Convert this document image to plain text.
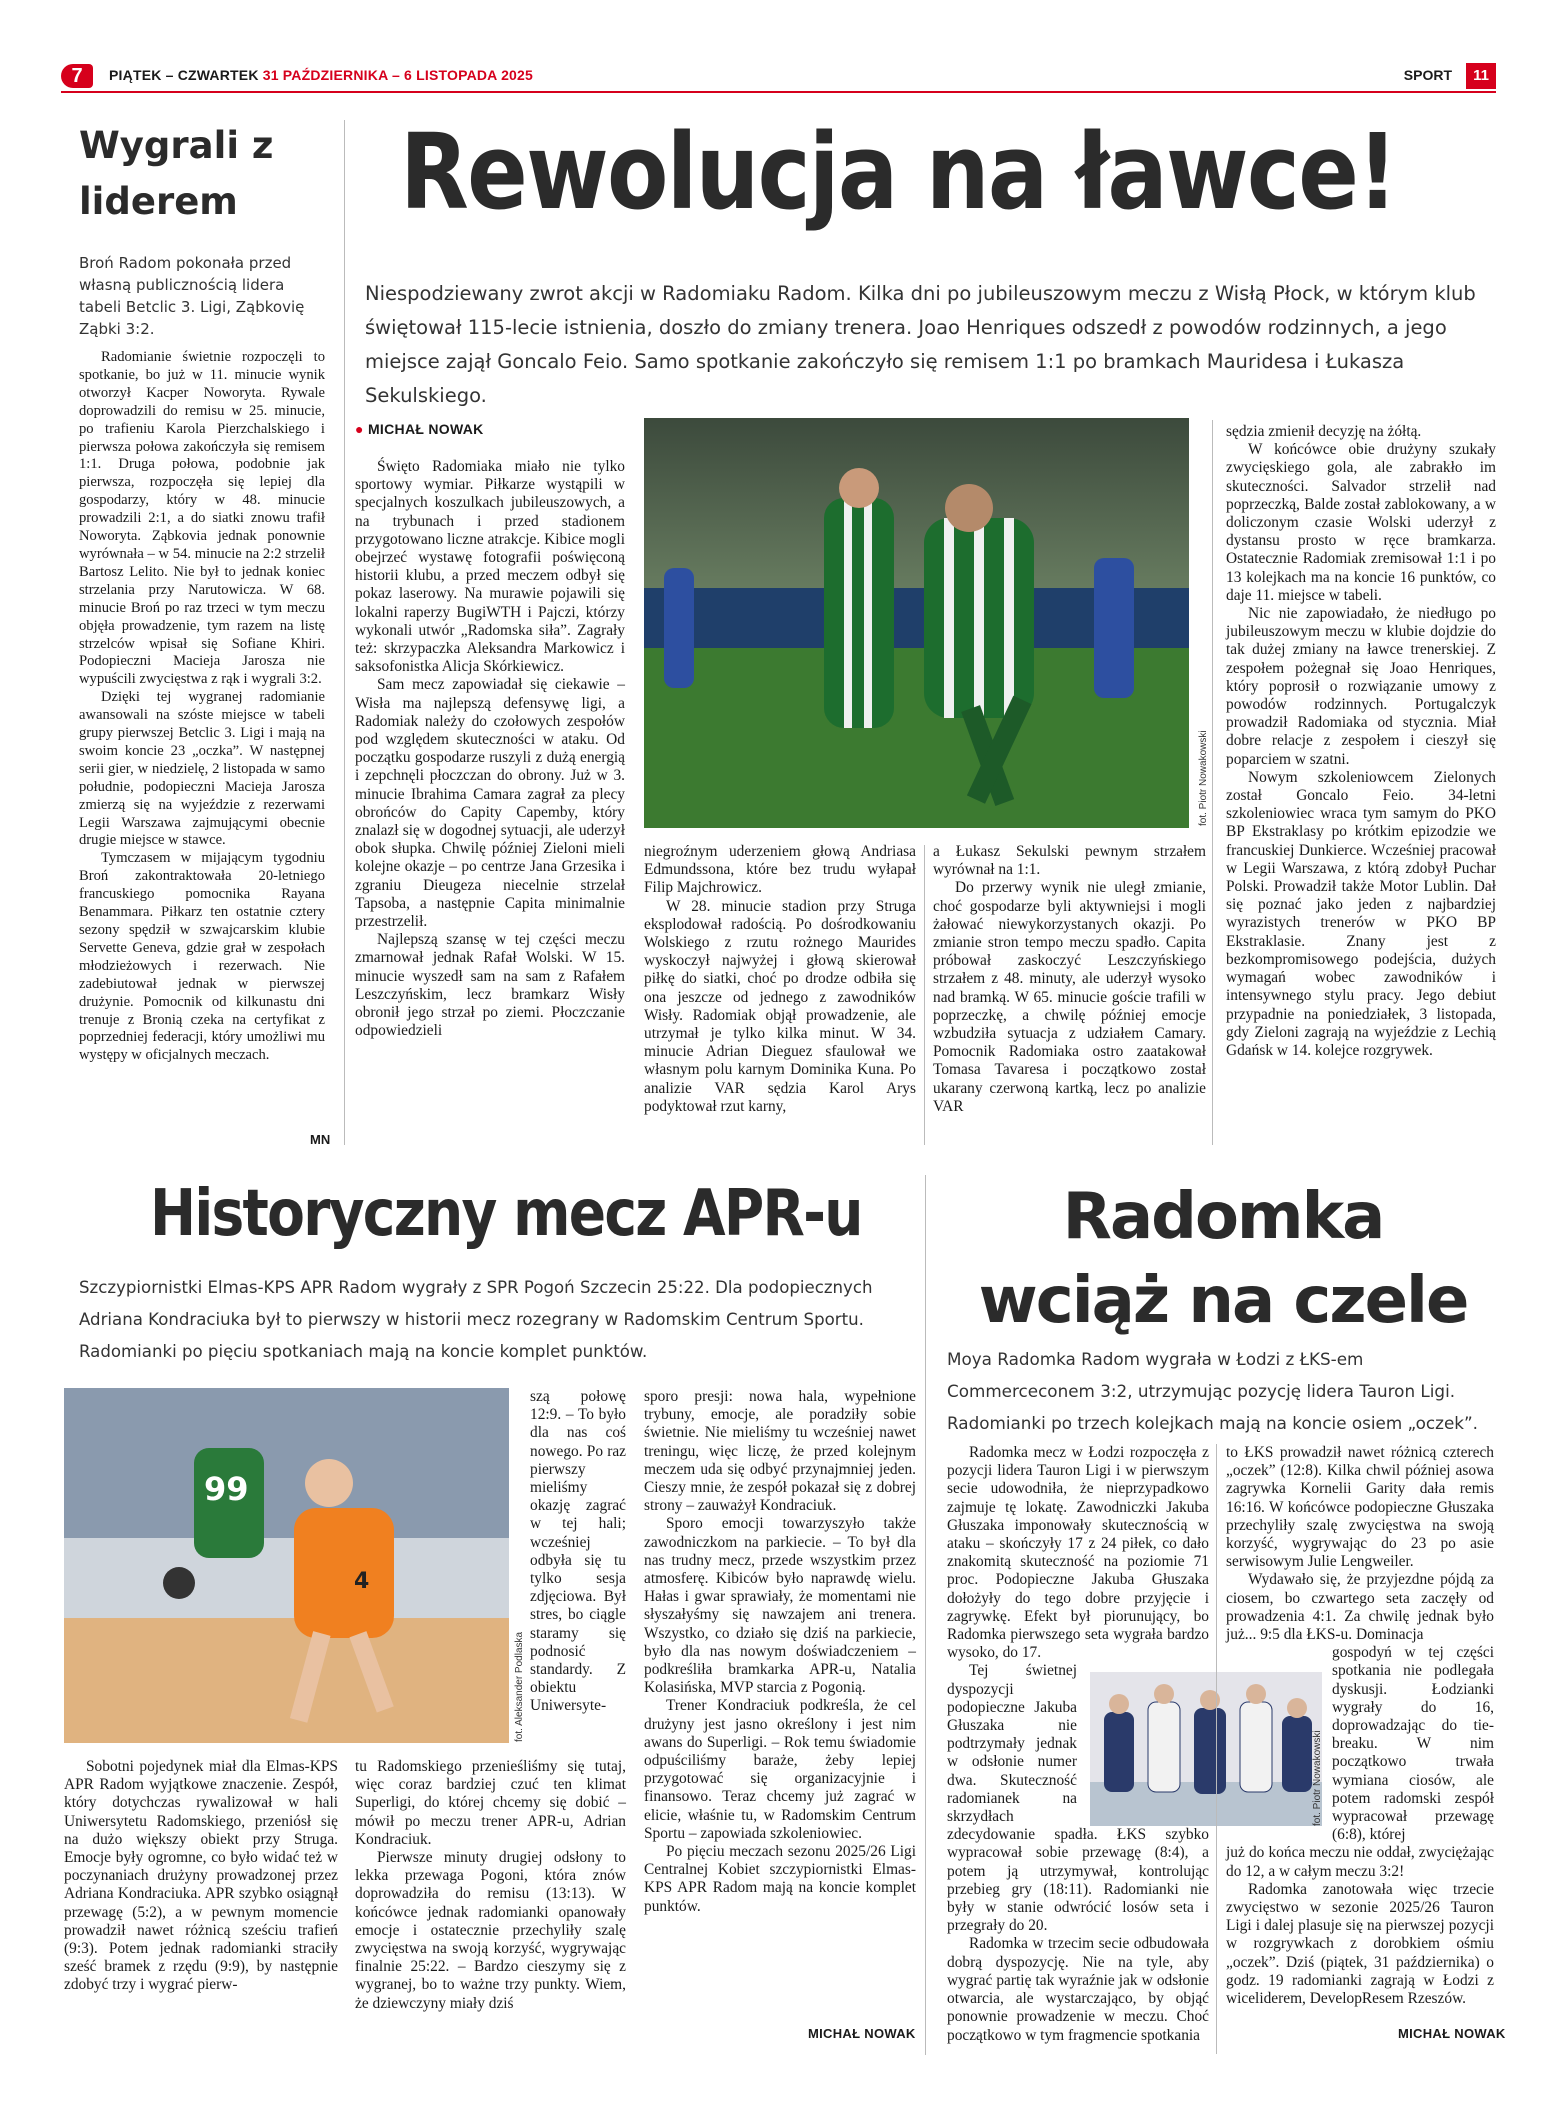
7	PIĄTEK – CZWARTEK 31 PAŹDZIERNIKA – 6 LISTOPADA 2025	SPORT	11
Wygrali z liderem
Broń Radom pokonała przed własną publicznością lidera tabeli Betclic 3. Ligi, Ząbkovię Ząbki 3:2.

Radomianie świetnie rozpoczęli to spotkanie, bo już w 11. minucie wynik otworzył Kacper Noworyta. Rywale doprowadzili do remisu w 25. minucie, po trafieniu Karola Pierzchalskiego i pierwsza połowa zakończyła się remisem 1:1. Druga połowa, podobnie jak pierwsza, rozpoczęła się lepiej dla gospodarzy, który w 48. minucie prowadzili 2:1, a do siatki znowu trafił Noworyta. Ząbkovia jednak ponownie wyrównała – w 54. minucie na 2:2 strzelił Bartosz Lelito. Nie był to jednak koniec strzelania przy Narutowicza. W 68. minucie Broń po raz trzeci w tym meczu objęła prowadzenie, tym razem na listę strzelców wpisał się Sofiane Khiri. Podopieczni Macieja Jarosza nie wypuścili zwycięstwa z rąk i wygrali 3:2.

Dzięki tej wygranej radomianie awansowali na szóste miejsce w tabeli grupy pierwszej Betclic 3. Ligi i mają na swoim koncie 23 „oczka”. W następnej serii gier, w niedzielę, 2 listopada w samo południe, podopieczni Macieja Jarosza zmierzą się na wyjeździe z rezerwami Legii Warszawa zajmującymi obecnie drugie miejsce w stawce.

Tymczasem w mijającym tygodniu Broń zakontraktowała 20-letniego francuskiego pomocnika Rayana Benammara. Piłkarz ten ostatnie cztery sezony spędził w szwajcarskim klubie Servette Geneva, gdzie grał w zespołach młodzieżowych i rezerwach. Nie zadebiutował jednak w pierwszej drużynie. Pomocnik od kilkunastu dni trenuje z Bronią czeka na certyfikat z poprzedniej federacji, który umożliwi mu występy w oficjalnych meczach.

MN
Rewolucja na ławce!
Niespodziewany zwrot akcji w Radomiaku Radom. Kilka dni po jubileuszowym meczu z Wisłą Płock, w którym klub świętował 115-lecie istnienia, doszło do zmiany trenera. Joao Henriques odszedł z powodów rodzinnych, a jego miejsce zajął Goncalo Feio. Samo spotkanie zakończyło się remisem 1:1 po bramkach Mauridesa i Łukasza Sekulskiego.
● MICHAŁ NOWAK

Święto Radomiaka miało nie tylko sportowy wymiar. Piłkarze wystąpili w specjalnych koszulkach jubileuszowych, a na trybunach i przed stadionem przygotowano liczne atrakcje. Kibice mogli obejrzeć wystawę fotografii poświęconą historii klubu, a przed meczem odbył się pokaz laserowy. Na murawie pojawili się lokalni raperzy BugiWTH i Pajczi, którzy wykonali utwór „Radomska siła”. Zagrały też: skrzypaczka Aleksandra Markowicz i saksofonistka Alicja Skórkiewicz.

Sam mecz zapowiadał się ciekawie – Wisła ma najlepszą defensywę ligi, a Radomiak należy do czołowych zespołów pod względem skuteczności w ataku. Od początku gospodarze ruszyli z dużą energią i zepchnęli płoczczan do obrony. Już w 3. minucie Ibrahima Camara zagrał za plecy obrońców do Capity Capemby, który znalazł się w dogodnej sytuacji, ale uderzył obok słupka. Chwilę później Zieloni mieli kolejne okazje – po centrze Jana Grzesika i zgraniu Dieugeza niecelnie strzelał Tapsoba, a następnie Capita minimalnie przestrzelił.

Najlepszą szansę w tej części meczu zmarnował jednak Rafał Wolski. W 15. minucie wyszedł sam na sam z Rafałem Leszczyńskim, lecz bramkarz Wisły obronił jego strzał po ziemi. Płoczczanie odpowiedzieli

fot. Piotr Nowakowski

niegroźnym uderzeniem głową Andriasa Edmundssona, które bez trudu wyłapał Filip Majchrowicz.

W 28. minucie stadion przy Struga eksplodował radością. Po dośrodkowaniu Wolskiego z rzutu rożnego Maurides wyskoczył najwyżej i głową skierował piłkę do siatki, choć po drodze odbiła się ona jeszcze od jednego z zawodników Wisły. Radomiak objął prowadzenie, ale utrzymał je tylko kilka minut. W 34. minucie Adrian Dieguez sfaulował we własnym polu karnym Dominika Kuna. Po analizie VAR sędzia Karol Arys podyktował rzut karny,

a Łukasz Sekulski pewnym strzałem wyrównał na 1:1.

Do przerwy wynik nie uległ zmianie, choć gospodarze byli aktywniejsi i mogli żałować niewykorzystanych okazji. Po zmianie stron tempo meczu spadło. Capita próbował zaskoczyć Leszczyńskiego strzałem z 48. minuty, ale uderzył wysoko nad bramką. W 65. minucie goście trafili w poprzeczkę, a chwilę później emocje wzbudziła sytuacja z udziałem Camary. Pomocnik Radomiaka ostro zaatakował Tomasa Tavaresa i początkowo został ukarany czerwoną kartką, lecz po analizie VAR

sędzia zmienił decyzję na żółtą.

W końcówce obie drużyny szukały zwycięskiego gola, ale zabrakło im skuteczności. Salvador strzelił nad poprzeczką, Balde został zablokowany, a w doliczonym czasie Wolski uderzył z dystansu prosto w ręce bramkarza. Ostatecznie Radomiak zremisował 1:1 i po 13 kolejkach ma na koncie 16 punktów, co daje 11. miejsce w tabeli.

Nic nie zapowiadało, że niedługo po jubileuszowym meczu w klubie dojdzie do tak dużej zmiany na ławce trenerskiej. Z zespołem pożegnał się Joao Henriques, który poprosił o rozwiązanie umowy z powodów rodzinnych. Portugalczyk prowadził Radomiaka od stycznia. Miał dobre relacje z zespołem i cieszył się poparciem w szatni.

Nowym szkoleniowcem Zielonych został Goncalo Feio. 34-letni szkoleniowiec wraca tym samym do PKO BP Ekstraklasy po krótkim epizodzie we francuskiej Dunkierce. Wcześniej pracował w Legii Warszawa, z którą zdobył Puchar Polski. Prowadził także Motor Lublin. Dał się poznać jako jeden z najbardziej wyrazistych trenerów w PKO BP Ekstraklasie. Znany jest z bezkompromisowego podejścia, dużych wymagań wobec zawodników i intensywnego stylu pracy. Jego debiut przypadnie na poniedziałek, 3 listopada, gdy Zieloni zagrają na wyjeździe z Lechią Gdańsk w 14. kolejce rozgrywek.

Historyczny mecz APR-u
Szczypiornistki Elmas-KPS APR Radom wygrały z SPR Pogoń Szczecin 25:22. Dla podopiecznych Adriana Kondraciuka był to pierwszy w historii mecz rozegrany w Radomskim Centrum Sportu. Radomianki po pięciu spotkaniach mają na koncie komplet punktów.
99
4
fot. Aleksander Podlaska

szą połowę 12:9. – To było dla nas coś nowego. Po raz pierwszy mieliśmy okazję zagrać w tej hali; wcześniej odbyła się tu tylko sesja zdjęciowa. Był stres, bo ciągle staramy się podnosić standardy. Z obiektu Uniwersyte-

Sobotni pojedynek miał dla Elmas-KPS APR Radom wyjątkowe znaczenie. Zespół, który dotychczas rywalizował w hali Uniwersytetu Radomskiego, przeniósł się na dużo większy obiekt przy Struga. Emocje były ogromne, co było widać też w poczynaniach drużyny prowadzonej przez Adriana Kondraciuka. APR szybko osiągnął przewagę (5:2), a w pewnym momencie prowadził nawet różnicą sześciu trafień (9:3). Potem jednak radomianki straciły sześć bramek z rzędu (9:9), by następnie zdobyć trzy i wygrać pierw-

tu Radomskiego przenieśliśmy się tutaj, więc coraz bardziej czuć ten klimat Superligi, do której chcemy się dobić – mówił po meczu trener APR-u, Adrian Kondraciuk.

Pierwsze minuty drugiej odsłony to lekka przewaga Pogoni, która znów doprowadziła do remisu (13:13). W końcówce jednak radomianki opanowały emocje i ostatecznie przechyliły szalę zwycięstwa na swoją korzyść, wygrywając finalnie 25:22. – Bardzo cieszymy się z wygranej, bo to ważne trzy punkty. Wiem, że dziewczyny miały dziś

sporo presji: nowa hala, wypełnione trybuny, emocje, ale poradziły sobie świetnie. Nie mieliśmy tu wcześniej nawet treningu, więc liczę, że przed kolejnym meczem uda się odbyć przynajmniej jeden. Cieszy mnie, że zespół pokazał się z dobrej strony – zauważył Kondraciuk.

Sporo emocji towarzyszyło także zawodniczkom na parkiecie. – To był dla nas trudny mecz, przede wszystkim przez atmosferę. Kibiców było naprawdę wielu. Hałas i gwar sprawiały, że momentami nie słyszałyśmy się nawzajem ani trenera. Wszystko, co działo się dziś na parkiecie, było dla nas nowym doświadczeniem – podkreśliła bramkarka APR-u, Natalia Kolasińska, MVP starcia z Pogonią.

Trener Kondraciuk podkreśla, że cel drużyny jest jasno określony i jest nim awans do Superligi. – Rok temu świadomie odpuściliśmy baraże, żeby lepiej przygotować się organizacyjnie i finansowo. Teraz chcemy już zagrać w elicie, właśnie tu, w Radomskim Centrum Sportu – zapowiada szkoleniowiec.

Po pięciu meczach sezonu 2025/26 Ligi Centralnej Kobiet szczypiornistki Elmas-KPS APR Radom mają na koncie komplet punktów.

MICHAŁ NOWAK
Radomka
wciąż na czele
Moya Radomka Radom wygrała w Łodzi z ŁKS-em Commerceconem 3:2, utrzymując pozycję lidera Tauron Ligi. Radomianki po trzech kolejkach mają na koncie osiem „oczek”.

Radomka mecz w Łodzi rozpoczęła z pozycji lidera Tauron Ligi i w pierwszym secie udowodniła, że nieprzypadkowo zajmuje tę lokatę. Zawodniczki Jakuba Głuszaka imponowały skutecznością w ataku – skończyły 17 z 24 piłek, co dało znakomitą skuteczność na poziomie 71 proc. Podopieczne Jakuba Głuszaka dołożyły do tego dobre przyjęcie i zagrywkę. Efekt był piorunujący, bo Radomka pierwszego seta wygrała bardzo wysoko, do 17.

Tej świetnej dyspozycji podopieczne Jakuba Głuszaka nie podtrzymały jednak w odsłonie numer dwa. Skuteczność radomianek na skrzydłach

zdecydowanie spadła. ŁKS szybko wypracował sobie przewagę (8:4), a potem ją utrzymywał, kontrolując przebieg gry (18:11). Radomianki nie były w stanie odwrócić losów seta i przegrały do 20.

Radomka w trzecim secie odbudowała dobrą dyspozycję. Nie na tyle, aby wygrać partię tak wyraźnie jak w odsłonie otwarcia, ale wystarczająco, by objąć ponownie prowadzenie w meczu. Choć początkowo w tym fragmencie spotkania

fot. Piotr Nowakowski

to ŁKS prowadził nawet różnicą czterech „oczek” (12:8). Kilka chwil później asowa zagrywka Kornelii Garity dała remis 16:16. W końcówce podopieczne Głuszaka przechyliły szalę zwycięstwa na swoją korzyść, wygrywając do 23 po asie serwisowym Julie Lengweiler.

Wydawało się, że przyjezdne pójdą za ciosem, bo czwartego seta zaczęły od prowadzenia 4:1. Za chwilę jednak było już... 9:5 dla ŁKS-u. Dominacja

gospodyń w tej części spotkania nie podlegała dyskusji. Łodzianki wygrały do 16, doprowadzając do tie-breaku. W nim początkowo trwała wymiana ciosów, ale potem radomski zespół wypracował przewagę (6:8), której

już do końca meczu nie oddał, zwyciężając do 12, a w całym meczu 3:2!

Radomka zanotowała więc trzecie zwycięstwo w sezonie 2025/26 Tauron Ligi i dalej plasuje się na pierwszej pozycji w rozgrywkach z dorobkiem ośmiu „oczek”. Dziś (piątek, 31 października) o godz. 19 radomianki zagrają w Łodzi z wiceliderem, DevelopResem Rzeszów.

MICHAŁ NOWAK
